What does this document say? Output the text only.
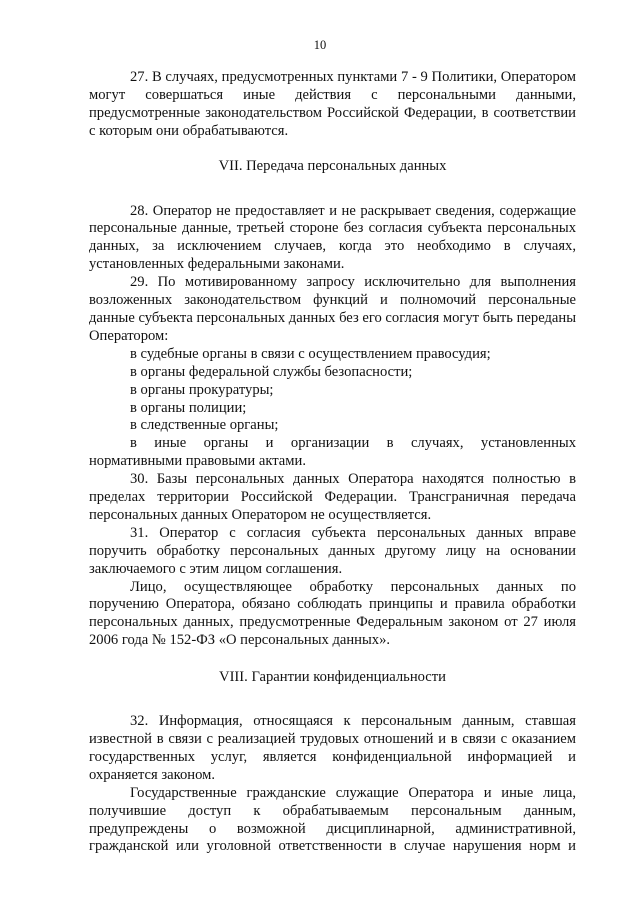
10

27. В случаях, предусмотренных пунктами 7 - 9 Политики, Оператором могут совершаться иные действия с персональными данными, предусмотренные законодательством Российской Федерации, в соответствии с которым они обрабатываются.

VII. Передача персональных данных

28. Оператор не предоставляет и не раскрывает сведения, содержащие персональные данные, третьей стороне без согласия субъекта персональных данных, за исключением случаев, когда это необходимо в случаях, установленных федеральными законами.

29. По мотивированному запросу исключительно для выполнения возложенных законодательством функций и полномочий персональные данные субъекта персональных данных без его согласия могут быть переданы Оператором:

в судебные органы в связи с осуществлением правосудия;

в органы федеральной службы безопасности;

в органы прокуратуры;

в органы полиции;

в следственные органы;

в иные органы и организации в случаях, установленных нормативными правовыми актами.

30. Базы персональных данных Оператора находятся полностью в пределах территории Российской Федерации. Трансграничная передача персональных данных Оператором не осуществляется.

31. Оператор с согласия субъекта персональных данных вправе поручить обработку персональных данных другому лицу на основании заключаемого с этим лицом соглашения.

Лицо, осуществляющее обработку персональных данных по поручению Оператора, обязано соблюдать принципы и правила обработки персональных данных, предусмотренные Федеральным законом от 27 июля 2006 года № 152-ФЗ «О персональных данных».

VIII. Гарантии конфиденциальности

32. Информация, относящаяся к персональным данным, ставшая известной в связи с реализацией трудовых отношений и в связи с оказанием государственных услуг, является конфиденциальной информацией и охраняется законом.

Государственные гражданские служащие Оператора и иные лица, получившие доступ к обрабатываемым персональным данным, предупреждены о возможной дисциплинарной, административной, гражданской или уголовной ответственности в случае нарушения норм и
